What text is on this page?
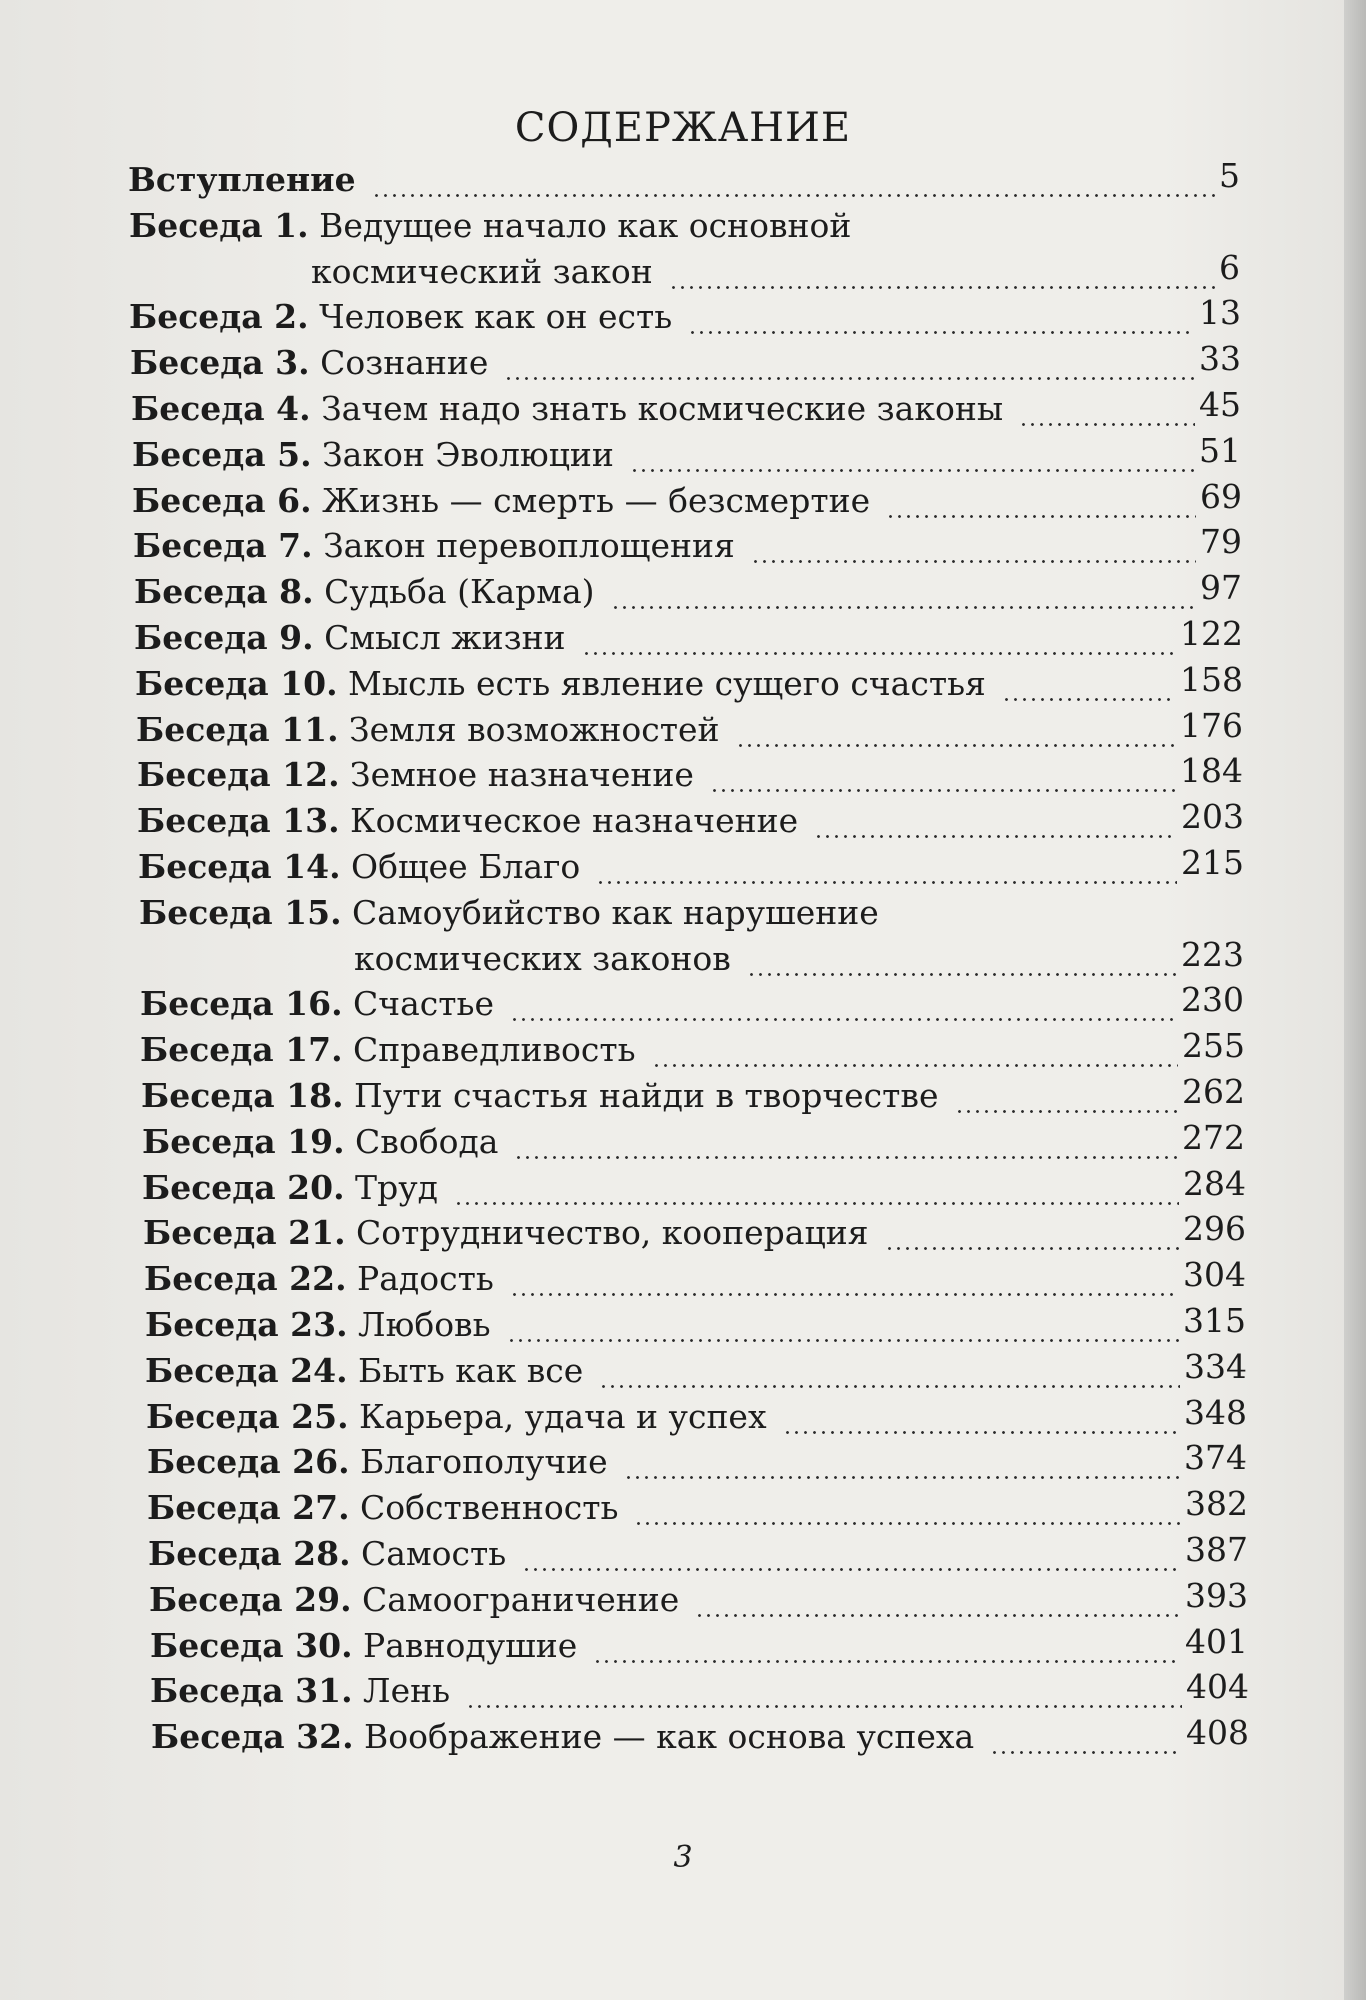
СОДЕРЖАНИЕ
Вступление	5
Беседа 1. Ведущее начало как основной
космический закон	6
Беседа 2. Человек как он есть	13
Беседа 3. Сознание	33
Беседа 4. Зачем надо знать космические законы	45
Беседа 5. Закон Эволюции	51
Беседа 6. Жизнь — смерть — безсмертие	69
Беседа 7. Закон перевоплощения	79
Беседа 8. Судьба (Карма)	97
Беседа 9. Смысл жизни	122
Беседа 10. Мысль есть явление сущего счастья	158
Беседа 11. Земля возможностей	176
Беседа 12. Земное назначение	184
Беседа 13. Космическое назначение	203
Беседа 14. Общее Благо	215
Беседа 15. Самоубийство как нарушение
космических законов	223
Беседа 16. Счастье	230
Беседа 17. Справедливость	255
Беседа 18. Пути счастья найди в творчестве	262
Беседа 19. Свобода	272
Беседа 20. Труд	284
Беседа 21. Сотрудничество, кооперация	296
Беседа 22. Радость	304
Беседа 23. Любовь	315
Беседа 24. Быть как все	334
Беседа 25. Карьера, удача и успех	348
Беседа 26. Благополучие	374
Беседа 27. Собственность	382
Беседа 28. Самость	387
Беседа 29. Самоограничение	393
Беседа 30. Равнодушие	401
Беседа 31. Лень	404
Беседа 32. Воображение — как основа успеха	408
3
